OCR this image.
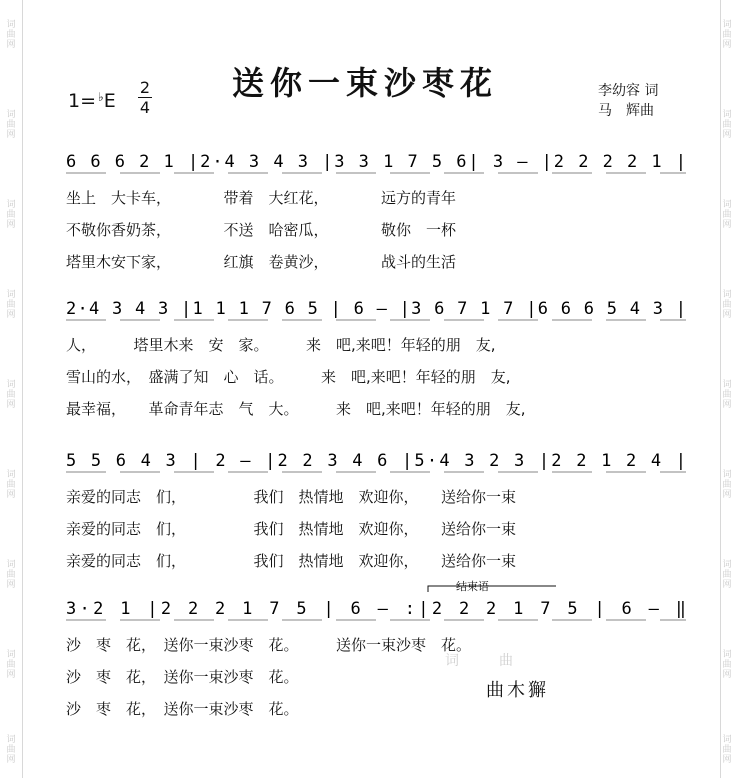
词
曲
网
词
曲
网
词
曲
网
词
曲
网
词
曲
网
词
曲
网
词
曲
网
词
曲
网
词
曲
网
词
曲
网
词
曲
网
词
曲
网
词
曲
网
词
曲
网
词
曲
网
词
曲
网
词
曲
网
词
曲
网
送你一束沙枣花
1= ♭E
2
4
李幼容 词
马　辉曲
6 6 6 2 1 |2·4 3 4 3 |3 3 1 7 5 6| 3 — |2 2 2 2 1 |
2·4 3 4 3 |1 1 1 7 6 5 | 6 — |3 6 7 1 7 |6 6 6 5 4 3 |
5 5 6 4 3 | 2 — |2 2 3 4 6 |5·4 3 2 3 |2 2 1 2 4 |
3·2 1 |2 2 2 1 7 5 | 6 — :|2 2 2 1 7 5 | 6 — ‖
坐上　大卡车，　　　　带着　大红花，　　　　远方的青年
不敬你香奶茶，　　　　不送　哈密瓜，　　　　敬你　一杯
塔里木安下家，　　　　红旗　卷黄沙，　　　　战斗的生活
人，　　　塔里木来　安　家。　　　来　吧,来吧！年轻的朋　友,
雪山的水，　盛满了知　心　话。　　　来　吧,来吧！年轻的朋　友,
最幸福，　　革命青年志　气　大。　　　来　吧,来吧！年轻的朋　友,
亲爱的同志　们，　　　　　我们　热情地　欢迎你，　　送给你一束
亲爱的同志　们，　　　　　我们　热情地　欢迎你，　　送给你一束
亲爱的同志　们，　　　　　我们　热情地　欢迎你，　　送给你一束
沙　枣　花，　送你一束沙枣　花。　　　送你一束沙枣　花。
沙　枣　花，　送你一束沙枣　花。
沙　枣　花，　送你一束沙枣　花。
结束语
词曲
曲木獬
